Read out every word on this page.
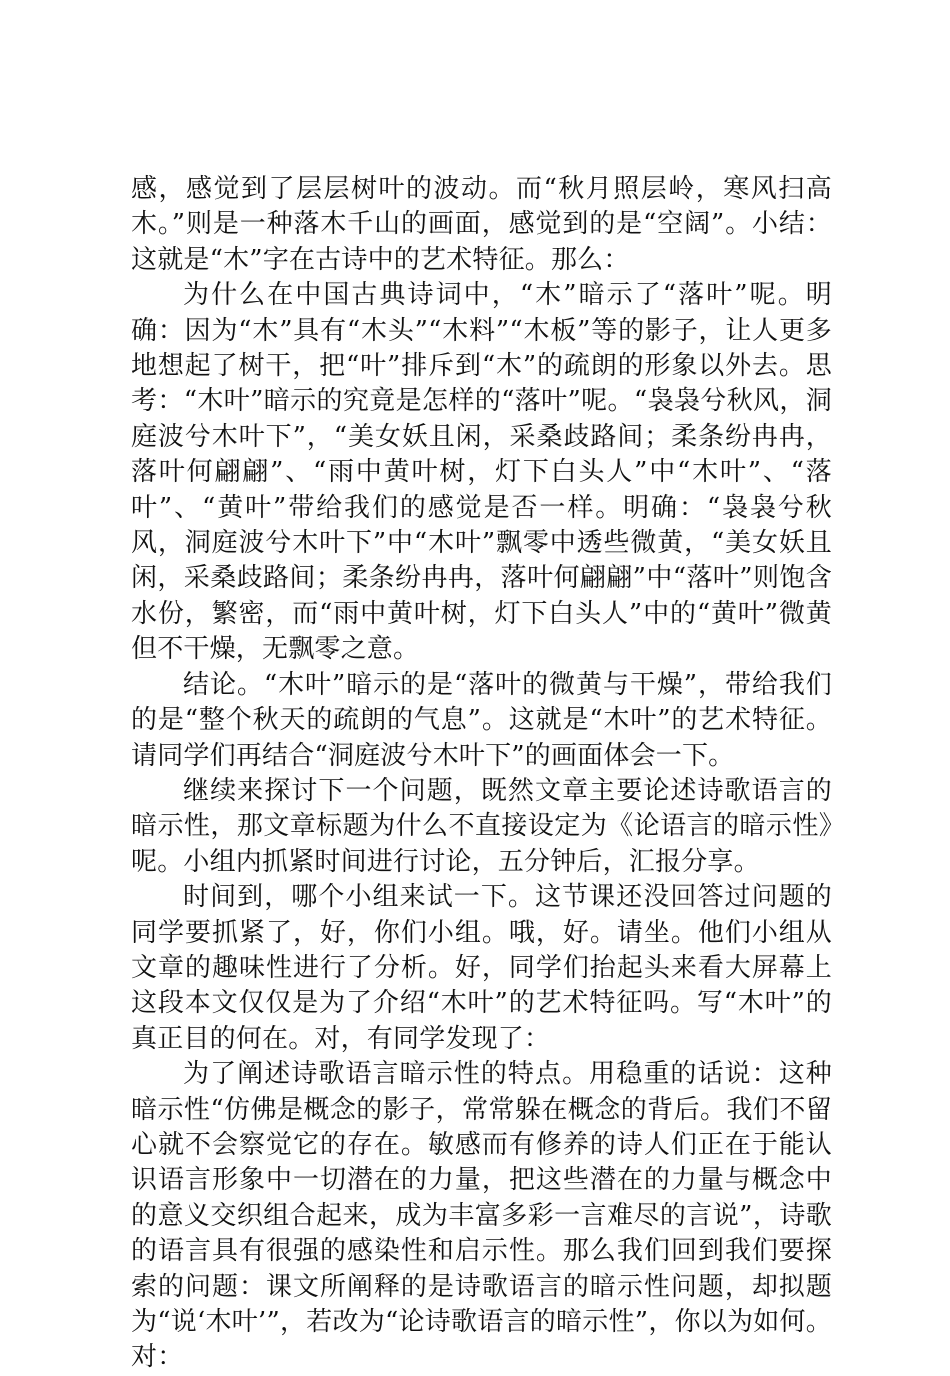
感，感觉到了层层树叶的波动。而“秋月照层岭，寒风扫高木。”则是一种落木千山的画面，感觉到的是“空阔”。小结：这就是“木”字在古诗中的艺术特征。那么：

为什么在中国古典诗词中，“木”暗示了“落叶”呢。明确：因为“木”具有“木头”“木料”“木板”等的影子，让人更多地想起了树干，把“叶”排斥到“木”的疏朗的形象以外去。思考：“木叶”暗示的究竟是怎样的“落叶”呢。“袅袅兮秋风，洞庭波兮木叶下”，“美女妖且闲，采桑歧路间；柔条纷冉冉，落叶何翩翩”、“雨中黄叶树，灯下白头人”中“木叶”、“落叶”、“黄叶”带给我们的感觉是否一样。明确：“袅袅兮秋风，洞庭波兮木叶下”中“木叶”飘零中透些微黄，“美女妖且闲，采桑歧路间；柔条纷冉冉，落叶何翩翩”中“落叶”则饱含水份，繁密，而“雨中黄叶树，灯下白头人”中的“黄叶”微黄但不干燥，无飘零之意。

结论。“木叶”暗示的是“落叶的微黄与干燥”，带给我们的是“整个秋天的疏朗的气息”。这就是“木叶”的艺术特征。请同学们再结合“洞庭波兮木叶下”的画面体会一下。

继续来探讨下一个问题，既然文章主要论述诗歌语言的暗示性，那文章标题为什么不直接设定为《论语言的暗示性》呢。小组内抓紧时间进行讨论，五分钟后，汇报分享。

时间到，哪个小组来试一下。这节课还没回答过问题的同学要抓紧了，好，你们小组。哦，好。请坐。他们小组从文章的趣味性进行了分析。好，同学们抬起头来看大屏幕上这段本文仅仅是为了介绍“木叶”的艺术特征吗。写“木叶”的真正目的何在。对，有同学发现了：

为了阐述诗歌语言暗示性的特点。用稳重的话说：这种暗示性“仿佛是概念的影子，常常躲在概念的背后。我们不留心就不会察觉它的存在。敏感而有修养的诗人们正在于能认识语言形象中一切潜在的力量，把这些潜在的力量与概念中的意义交织组合起来，成为丰富多彩一言难尽的言说”，诗歌的语言具有很强的感染性和启示性。那么我们回到我们要探索的问题：课文所阐释的是诗歌语言的暗示性问题，却拟题为“说‘木叶’”，若改为“论诗歌语言的暗示性”，你以为如何。对：
